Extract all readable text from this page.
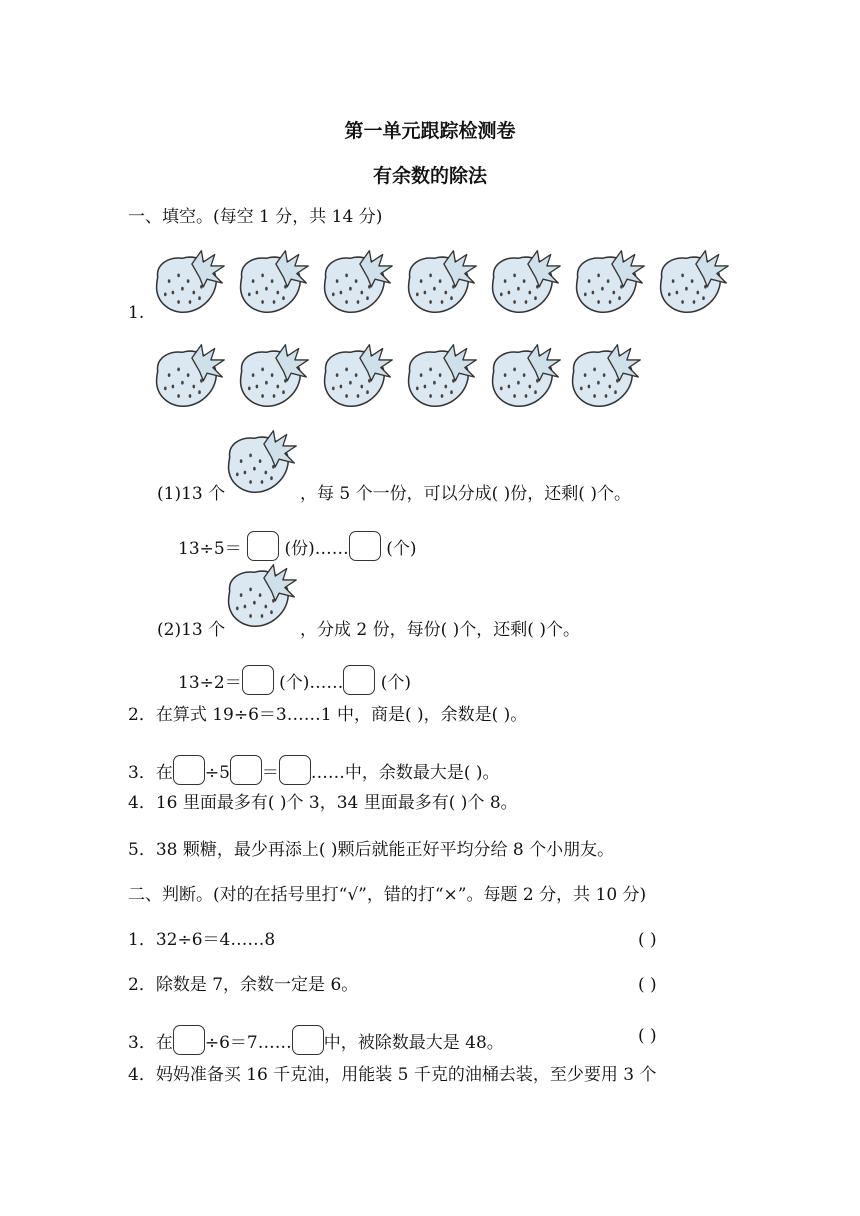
第一单元跟踪检测卷
有余数的除法
一、填空。(每空 1 分，共 14 分)
1.
(1)13 个	，每 5 个一份，可以分成( )份，还剩( )个。
13÷5＝	(份)…… (个)
(2)13 个	，分成 2 份，每份( )个，还剩( )个。
13÷2＝ (个)…… (个)
2．在算式 19÷6＝3……1 中，商是( )，余数是( )。
3．在 ÷5 ＝ ……中，余数最大是( )。
4．16 里面最多有( )个 3，34 里面最多有( )个 8。
5．38 颗糖，最少再添上( )颗后就能正好平均分给 8 个小朋友。
二、判断。(对的在括号里打“√”，错的打“×”。每题 2 分，共 10 分)
1．32÷6＝4……8	( )
2．除数是 7，余数一定是 6。	( )
3．在 ÷6＝7…… 中，被除数最大是 48。	( )
4．妈妈准备买 16 千克油，用能装 5 千克的油桶去装，至少要用 3 个
